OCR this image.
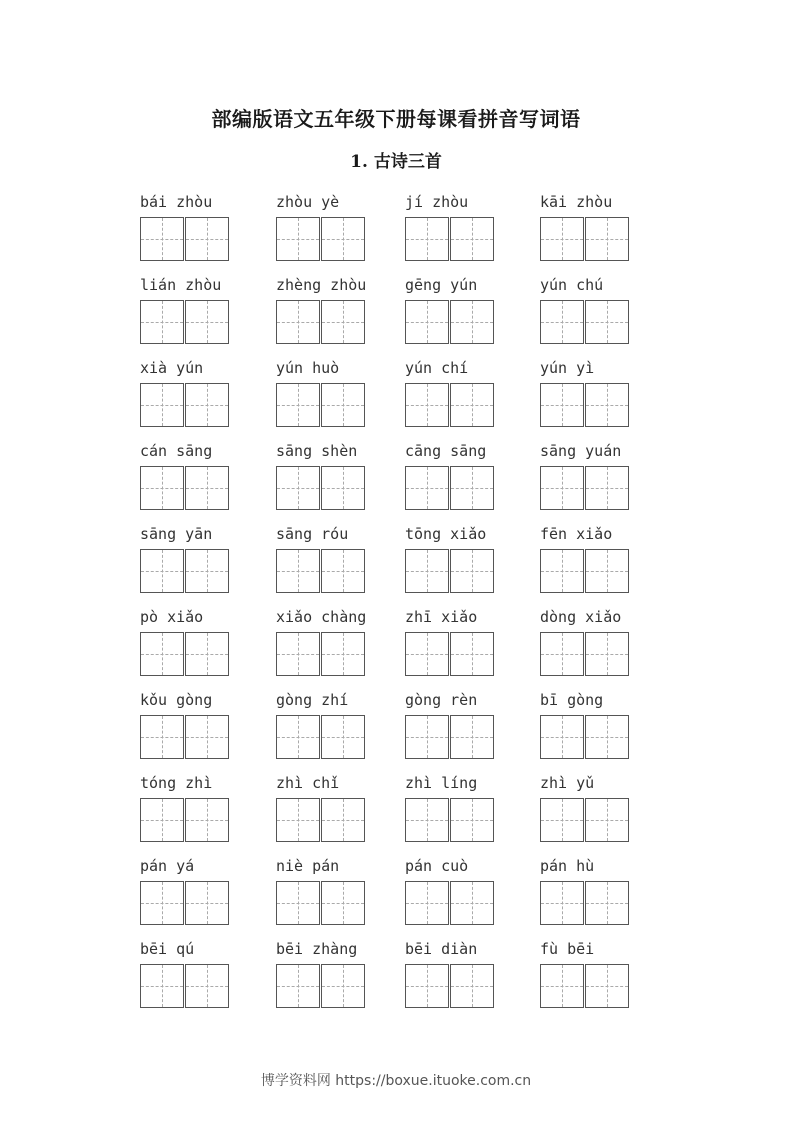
部编版语文五年级下册每课看拼音写词语
1. 古诗三首
bái zhòu	zhòu yè	jí zhòu	kāi zhòu
lián zhòu	zhèng zhòu	gēng yún	yún chú
xià yún	yún huò	yún chí	yún yì
cán sāng	sāng shèn	cāng sāng	sāng yuán
sāng yān	sāng róu	tōng xiǎo	fēn xiǎo
pò xiǎo	xiǎo chàng	zhī xiǎo	dòng xiǎo
kǒu gòng	gòng zhí	gòng rèn	bī gòng
tóng zhì	zhì chǐ	zhì líng	zhì yǔ
pán yá	niè pán	pán cuò	pán hù
bēi qú	bēi zhàng	bēi diàn	fù bēi
博学资料网 https://boxue.ituoke.com.cn
